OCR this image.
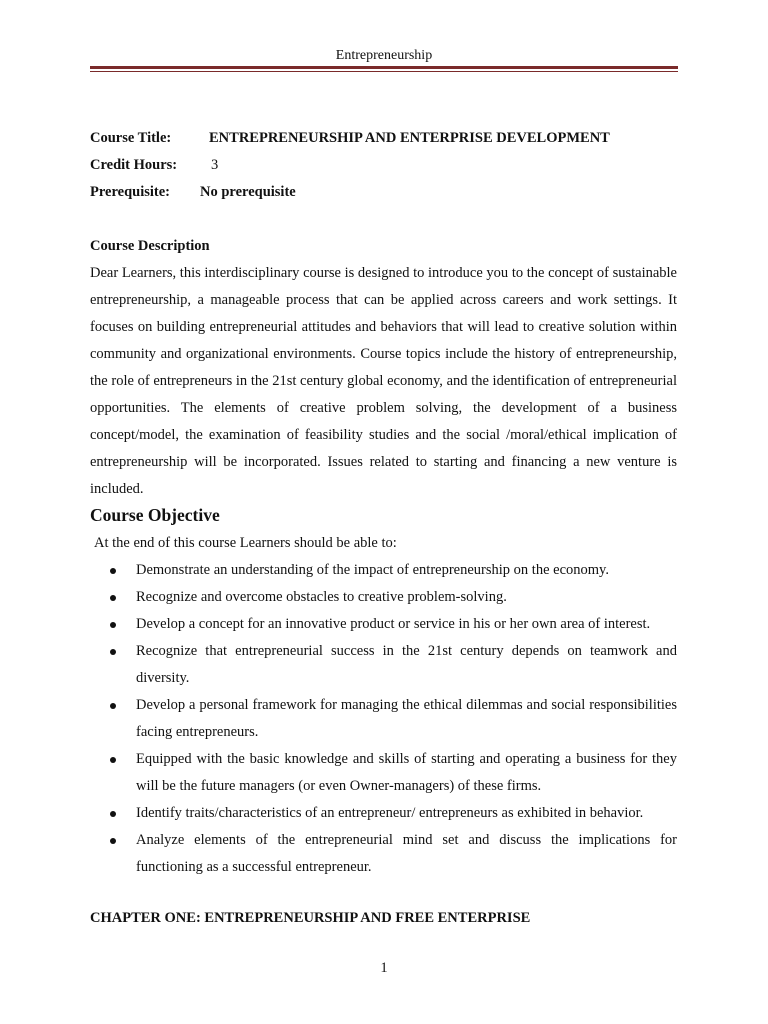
Entrepreneurship
Course Title:	ENTREPRENEURSHIP AND ENTERPRISE DEVELOPMENT
Credit Hours: 3
Prerequisite: No prerequisite
Course Description
Dear Learners, this interdisciplinary course is designed to introduce you to the concept of sustainable entrepreneurship, a manageable process that can be applied across careers and work settings. It focuses on building entrepreneurial attitudes and behaviors that will lead to creative solution within community and organizational environments. Course topics include the history of entrepreneurship, the role of entrepreneurs in the 21st century global economy, and the identification of entrepreneurial opportunities. The elements of creative problem solving, the development of a business concept/model, the examination of feasibility studies and the social /moral/ethical implication of entrepreneurship will be incorporated. Issues related to starting and financing a new venture is included.
Course Objective
At the end of this course Learners should be able to:
Demonstrate an understanding of the impact of entrepreneurship on the economy.
Recognize and overcome obstacles to creative problem-solving.
Develop a concept for an innovative product or service in his or her own area of interest.
Recognize that entrepreneurial success in the 21st century depends on teamwork and diversity.
Develop a personal framework for managing the ethical dilemmas and social responsibilities facing entrepreneurs.
Equipped with the basic knowledge and skills of starting and operating a business for they will be the future managers (or even Owner-managers) of these firms.
Identify traits/characteristics of an entrepreneur/ entrepreneurs as exhibited in behavior.
Analyze elements of the entrepreneurial mind set and discuss the implications for functioning as a successful entrepreneur.
CHAPTER ONE: ENTREPRENEURSHIP AND FREE ENTERPRISE
1
